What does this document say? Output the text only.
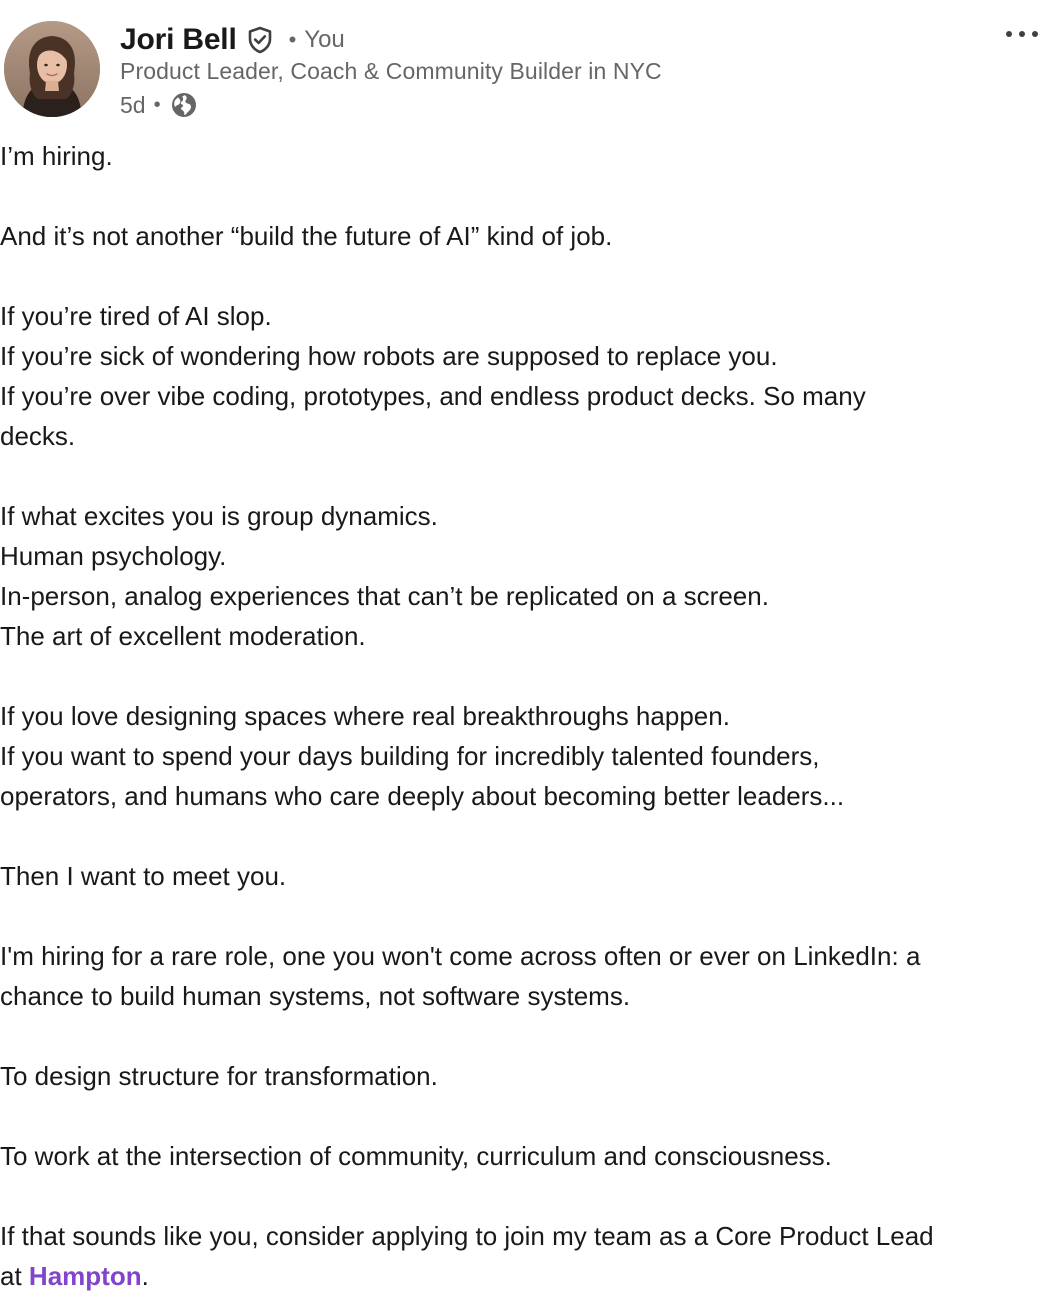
Jori Bell • You
Product Leader, Coach & Community Builder in NYC
5d •

I’m hiring.

And it’s not another “build the future of AI” kind of job.

If you’re tired of AI slop.
If you’re sick of wondering how robots are supposed to replace you.
If you’re over vibe coding, prototypes, and endless product decks. So many
decks.

If what excites you is group dynamics.
Human psychology.
In-person, analog experiences that can’t be replicated on a screen.
The art of excellent moderation.

If you love designing spaces where real breakthroughs happen.
If you want to spend your days building for incredibly talented founders,
operators, and humans who care deeply about becoming better leaders...

Then I want to meet you.

I'm hiring for a rare role, one you won't come across often or ever on LinkedIn: a
chance to build human systems, not software systems.

To design structure for transformation.

To work at the intersection of community, curriculum and consciousness.

If that sounds like you, consider applying to join my team as a Core Product Lead
at Hampton.
